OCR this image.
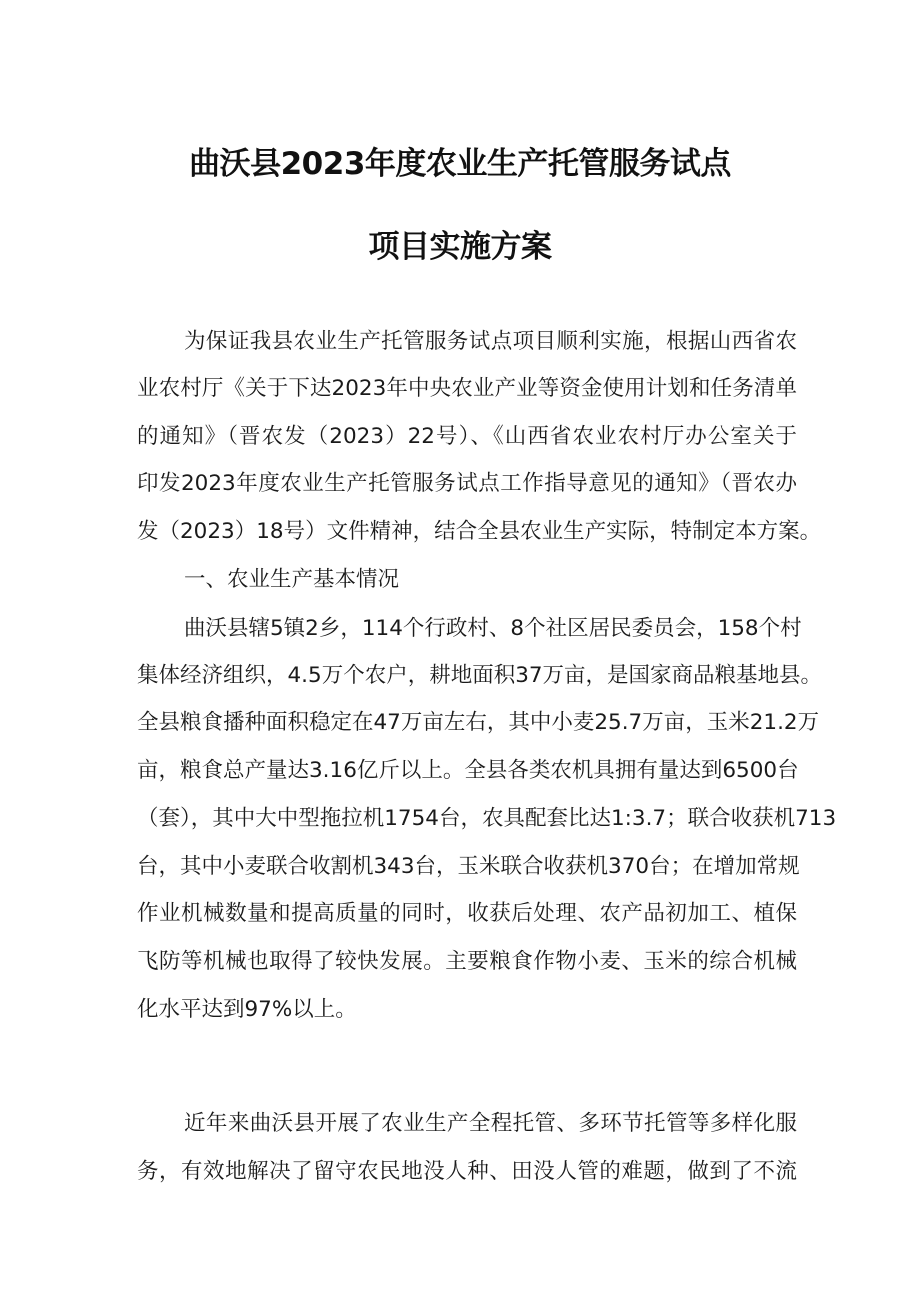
曲沃县2023年度农业生产托管服务试点
项目实施方案
为保证我县农业生产托管服务试点项目顺利实施，根据山西省农
业农村厅《关于下达2023年中央农业产业等资金使用计划和任务清单
的通知》（晋农发（2023）22号）、《山西省农业农村厅办公室关于
印发2023年度农业生产托管服务试点工作指导意见的通知》（晋农办
发（2023）18号）文件精神，结合全县农业生产实际，特制定本方案。
一、农业生产基本情况
曲沃县辖5镇2乡，114个行政村、8个社区居民委员会，158个村
集体经济组织，4.5万个农户，耕地面积37万亩，是国家商品粮基地县。
全县粮食播种面积稳定在47万亩左右，其中小麦25.7万亩，玉米21.2万
亩，粮食总产量达3.16亿斤以上。全县各类农机具拥有量达到6500台
（套），其中大中型拖拉机1754台，农具配套比达1:3.7；联合收获机713
台，其中小麦联合收割机343台，玉米联合收获机370台；在增加常规
作业机械数量和提高质量的同时，收获后处理、农产品初加工、植保
飞防等机械也取得了较快发展。主要粮食作物小麦、玉米的综合机械
化水平达到97%以上。
近年来曲沃县开展了农业生产全程托管、多环节托管等多样化服
务，有效地解决了留守农民地没人种、田没人管的难题，做到了不流
